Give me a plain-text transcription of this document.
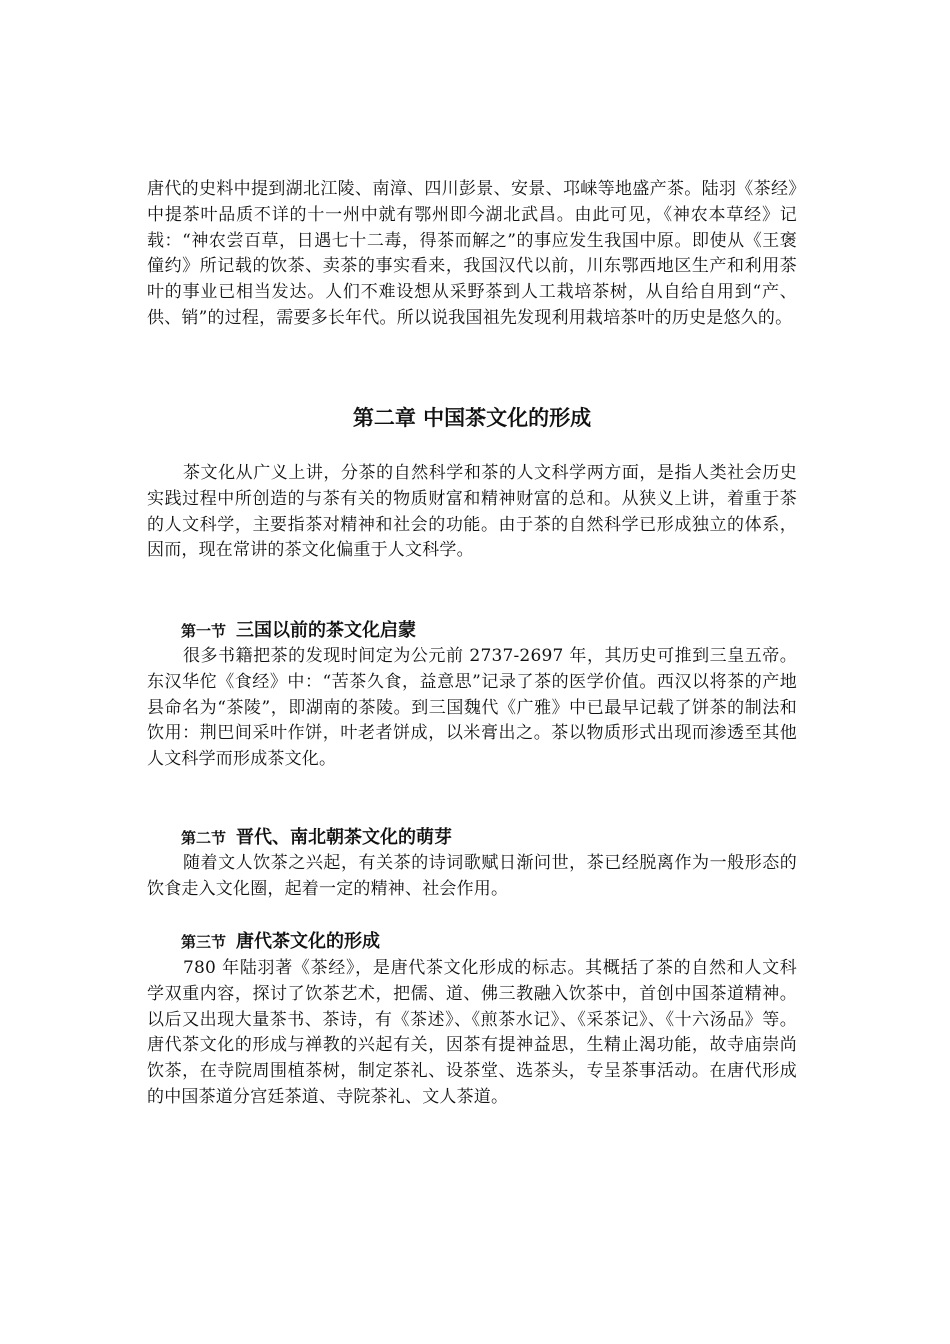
唐代的史料中提到湖北江陵、南漳、四川彭景、安景、邛崃等地盛产茶。陆羽《茶经》中提茶叶品质不详的十一州中就有鄂州即今湖北武昌。由此可见，《神农本草经》记载：“神农尝百草，日遇七十二毒，得茶而解之”的事应发生我国中原。即使从《王褒僮约》所记载的饮茶、卖茶的事实看来，我国汉代以前，川东鄂西地区生产和利用茶叶的事业已相当发达。人们不难设想从采野茶到人工栽培茶树，从自给自用到“产、供、销”的过程，需要多长年代。所以说我国祖先发现利用栽培茶叶的历史是悠久的。

第二章 中国茶文化的形成

茶文化从广义上讲，分茶的自然科学和茶的人文科学两方面，是指人类社会历史实践过程中所创造的与茶有关的物质财富和精神财富的总和。从狭义上讲，着重于茶的人文科学，主要指茶对精神和社会的功能。由于茶的自然科学已形成独立的体系，因而，现在常讲的茶文化偏重于人文科学。

第一节 三国以前的茶文化启蒙

很多书籍把茶的发现时间定为公元前 2737-2697 年，其历史可推到三皇五帝。东汉华佗《食经》中：“苦茶久食，益意思”记录了茶的医学价值。西汉以将茶的产地县命名为“茶陵”，即湖南的茶陵。到三国魏代《广雅》中已最早记载了饼茶的制法和饮用：荆巴间采叶作饼，叶老者饼成，以米膏出之。茶以物质形式出现而渗透至其他人文科学而形成茶文化。

第二节 晋代、南北朝茶文化的萌芽

随着文人饮茶之兴起，有关茶的诗词歌赋日渐问世，茶已经脱离作为一般形态的饮食走入文化圈，起着一定的精神、社会作用。

第三节 唐代茶文化的形成

780 年陆羽著《茶经》，是唐代茶文化形成的标志。其概括了茶的自然和人文科学双重内容，探讨了饮茶艺术，把儒、道、佛三教融入饮茶中，首创中国茶道精神。以后又出现大量茶书、茶诗，有《茶述》、《煎茶水记》、《采茶记》、《十六汤品》等。唐代茶文化的形成与禅教的兴起有关，因茶有提神益思，生精止渴功能，故寺庙崇尚饮茶，在寺院周围植茶树，制定茶礼、设茶堂、选茶头，专呈茶事活动。在唐代形成的中国茶道分宫廷茶道、寺院茶礼、文人茶道。
